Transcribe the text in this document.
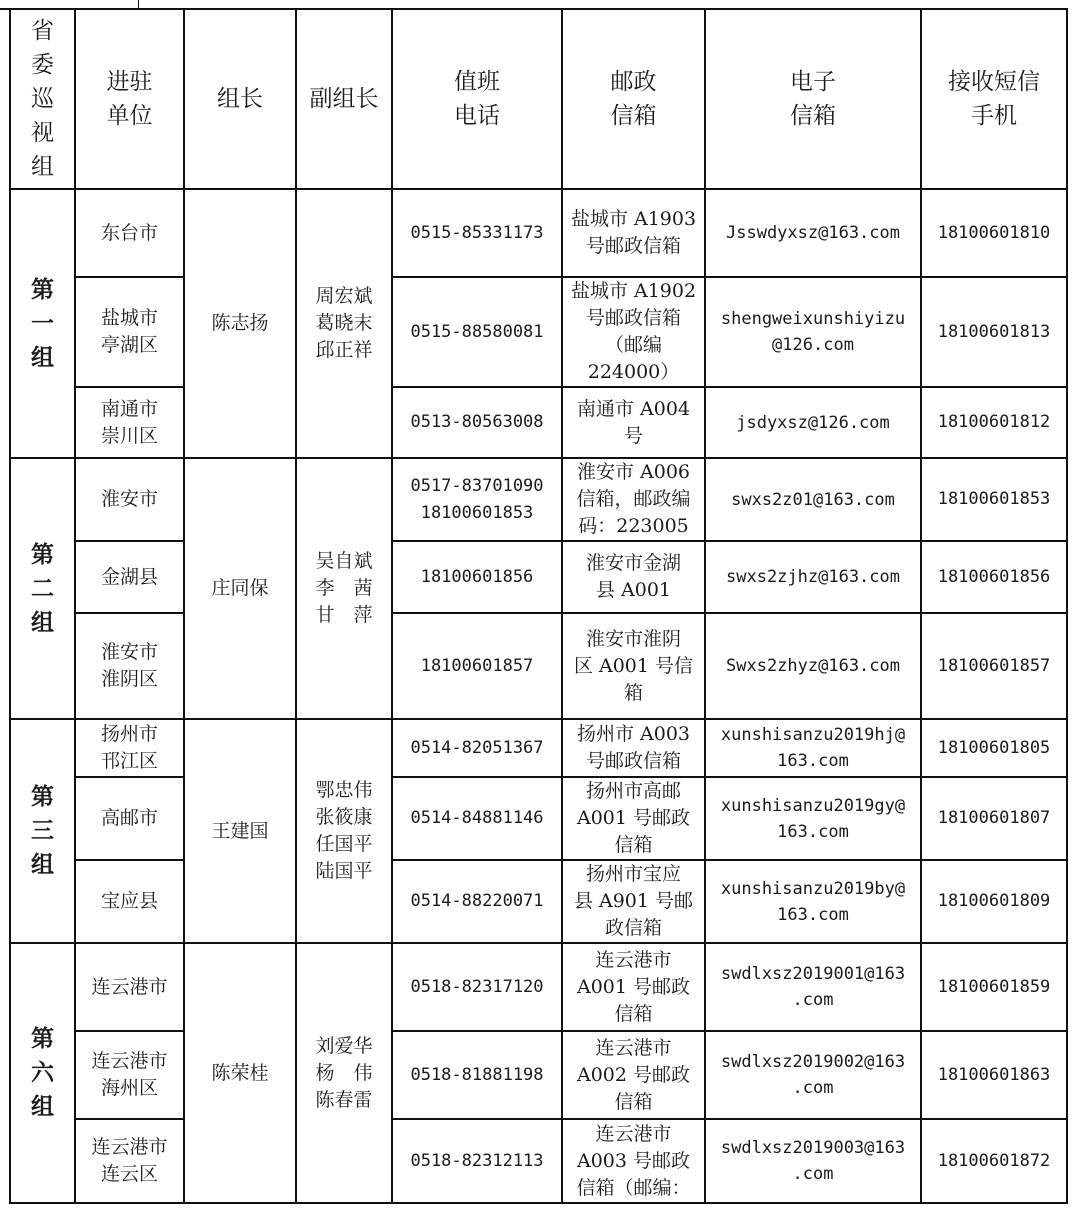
省委巡视组	进驻单位	组长	副组长	值班电话	邮政信箱	电子信箱	接收短信手机

第一组	东台市	陈志扬	周宏斌
葛晓末
邱正祥	0515-85331173	盐城市 A1903
号邮政信箱	Jsswdyxsz@163.com	18100601810

	盐城市
亭湖区			0515-88580081	盐城市 A1902
号邮政信箱
（邮编
224000）	shengweixunshiyizu
@126.com	18100601813

	南通市
崇川区			0513-80563008	南通市 A004
号	jsdyxsz@126.com	18100601812

第二组	淮安市	庄同保	吴自斌
李　茜
甘　萍	0517-83701090
18100601853	淮安市 A006
信箱，邮政编
码：223005	swxs2z01@163.com	18100601853

	金湖县			18100601856	淮安市金湖
县 A001	swxs2zjhz@163.com	18100601856

	淮安市
淮阴区			18100601857	淮安市淮阴
区 A001 号信
箱	Swxs2zhyz@163.com	18100601857

第三组	扬州市
邗江区	王建国	鄂忠伟
张筱康
任国平
陆国平	0514-82051367	扬州市 A003
号邮政信箱	xunshisanzu2019hj@
163.com	18100601805

	高邮市			0514-84881146	扬州市高邮
A001 号邮政
信箱	xunshisanzu2019gy@
163.com	18100601807

	宝应县			0514-88220071	扬州市宝应
县 A901 号邮
政信箱	xunshisanzu2019by@
163.com	18100601809

第六组	连云港市	陈荣桂	刘爱华
杨　伟
陈春雷	0518-82317120	连云港市
A001 号邮政
信箱	swdlxsz2019001@163
.com	18100601859

	连云港市
海州区			0518-81881198	连云港市
A002 号邮政
信箱	swdlxsz2019002@163
.com	18100601863

	连云港市
连云区			0518-82312113	连云港市
A003 号邮政
信箱（邮编：	swdlxsz2019003@163
.com	18100601872
